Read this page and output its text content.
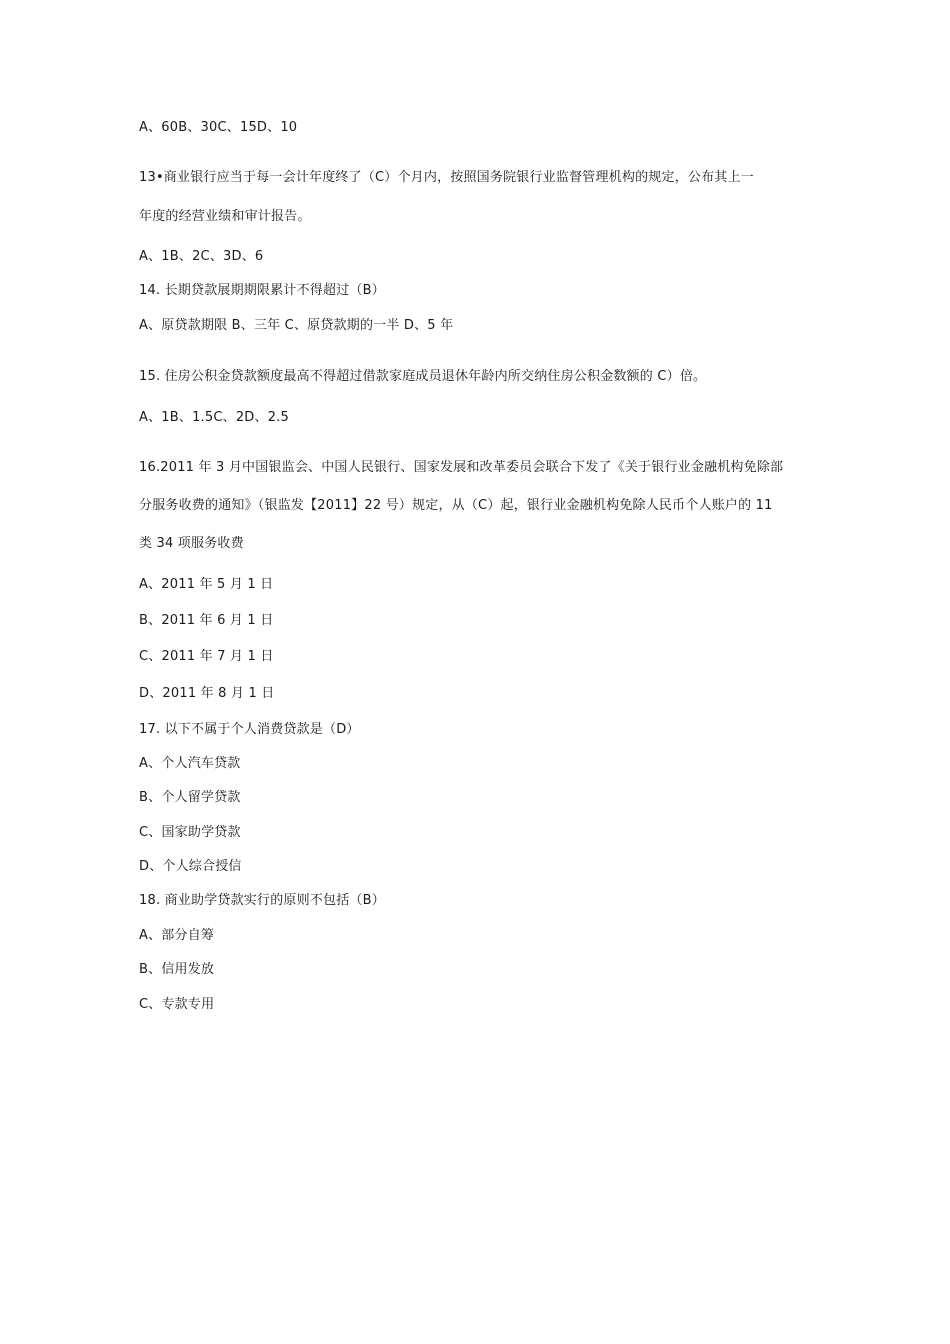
A、60B、30C、15D、10
13•商业银行应当于每一会计年度终了（C）个月内，按照国务院银行业监督管理机构的规定，公布其上一
年度的经营业绩和审计报告。
A、1B、2C、3D、6
14. 长期贷款展期期限累计不得超过（B）
A、原贷款期限 B、三年 C、原贷款期的一半 D、5 年
15. 住房公积金贷款额度最高不得超过借款家庭成员退休年龄内所交纳住房公积金数额的 C）倍。
A、1B、1.5C、2D、2.5
16.2011 年 3 月中国银监会、中国人民银行、国家发展和改革委员会联合下发了《关于银行业金融机构免除部
分服务收费的通知》（银监发【2011】22 号）规定，从（C）起，银行业金融机构免除人民币个人账户的 11
类 34 项服务收费
A、2011 年 5 月 1 日
B、2011 年 6 月 1 日
C、2011 年 7 月 1 日
D、2011 年 8 月 1 日
17. 以下不属于个人消费贷款是（D）
A、个人汽车贷款
B、个人留学贷款
C、国家助学贷款
D、个人综合授信
18. 商业助学贷款实行的原则不包括（B）
A、部分自筹
B、信用发放
C、专款专用
